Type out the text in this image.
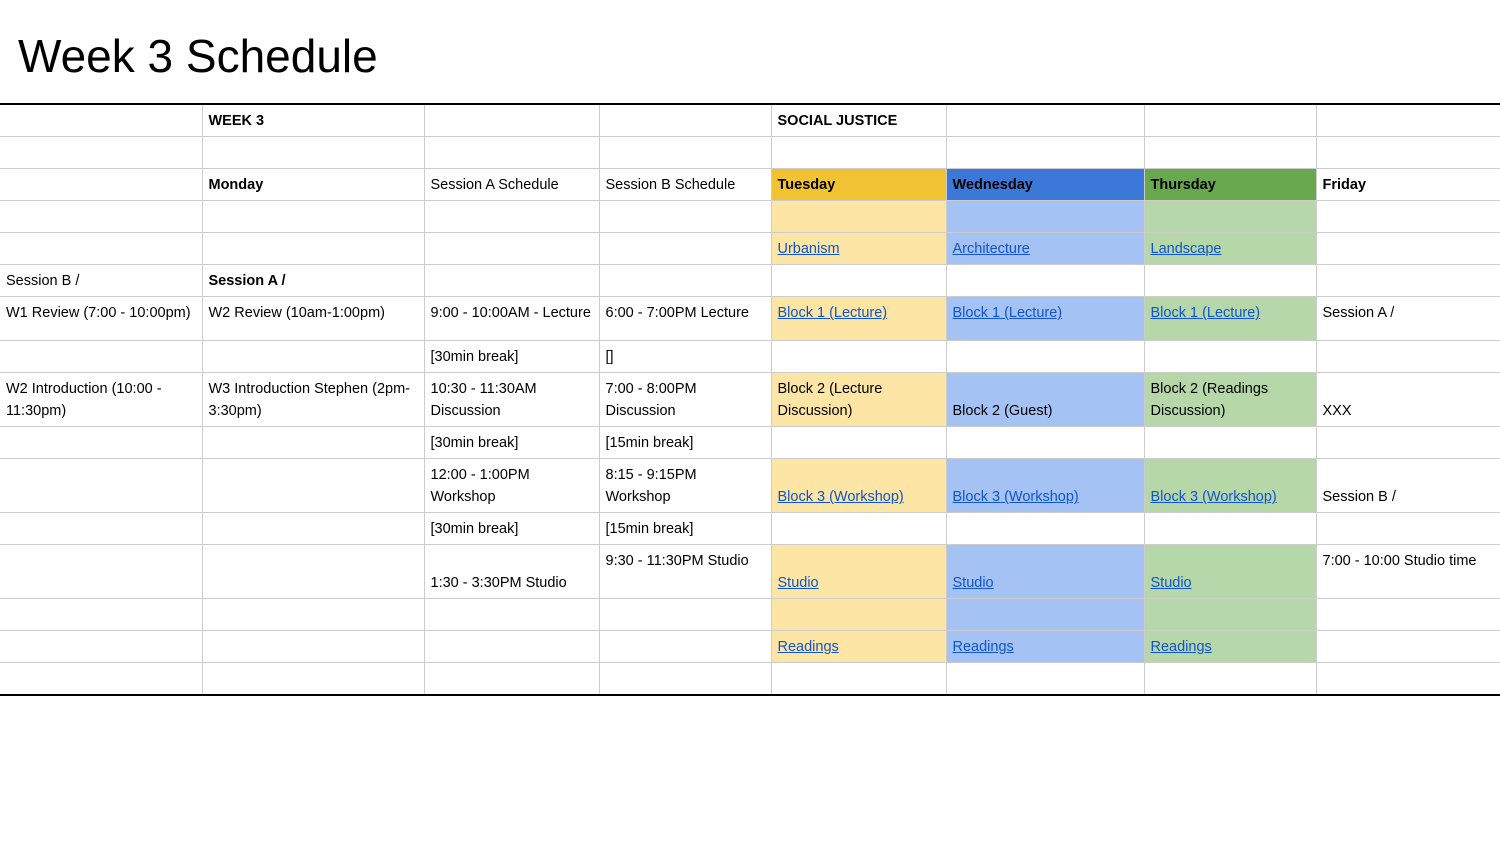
Week 3 Schedule
	WEEK 3			SOCIAL JUSTICE			

	Monday	Session A Schedule	Session B Schedule	Tuesday	Wednesday	Thursday	Friday

				Urbanism	Architecture	Landscape	
Session B /	Session A /						
W1 Review (7:00 - 10:00pm)	W2 Review (10am-1:00pm)	9:00 - 10:00AM - Lecture	6:00 - 7:00PM Lecture	Block 1 (Lecture)	Block 1 (Lecture)	Block 1 (Lecture)	Session A /
		[30min break]	[]				
W2 Introduction (10:00 - 11:30pm)	W3 Introduction Stephen (2pm-3:30pm)	10:30 - 11:30AM Discussion	7:00 - 8:00PM Discussion	Block 2 (Lecture Discussion)	Block 2 (Guest)	Block 2 (Readings Discussion)	XXX

		[30min break]	[15min break]				
		12:00 - 1:00PM Workshop	8:15 - 9:15PM Workshop	Block 3 (Workshop)	Block 3 (Workshop)	Block 3 (Workshop)	Session B /

		[30min break]	[15min break]				

		1:30 - 3:30PM Studio	9:30 - 11:30PM Studio	Studio	Studio	Studio	7:00 - 10:00 Studio time

				Readings	Readings	Readings	
